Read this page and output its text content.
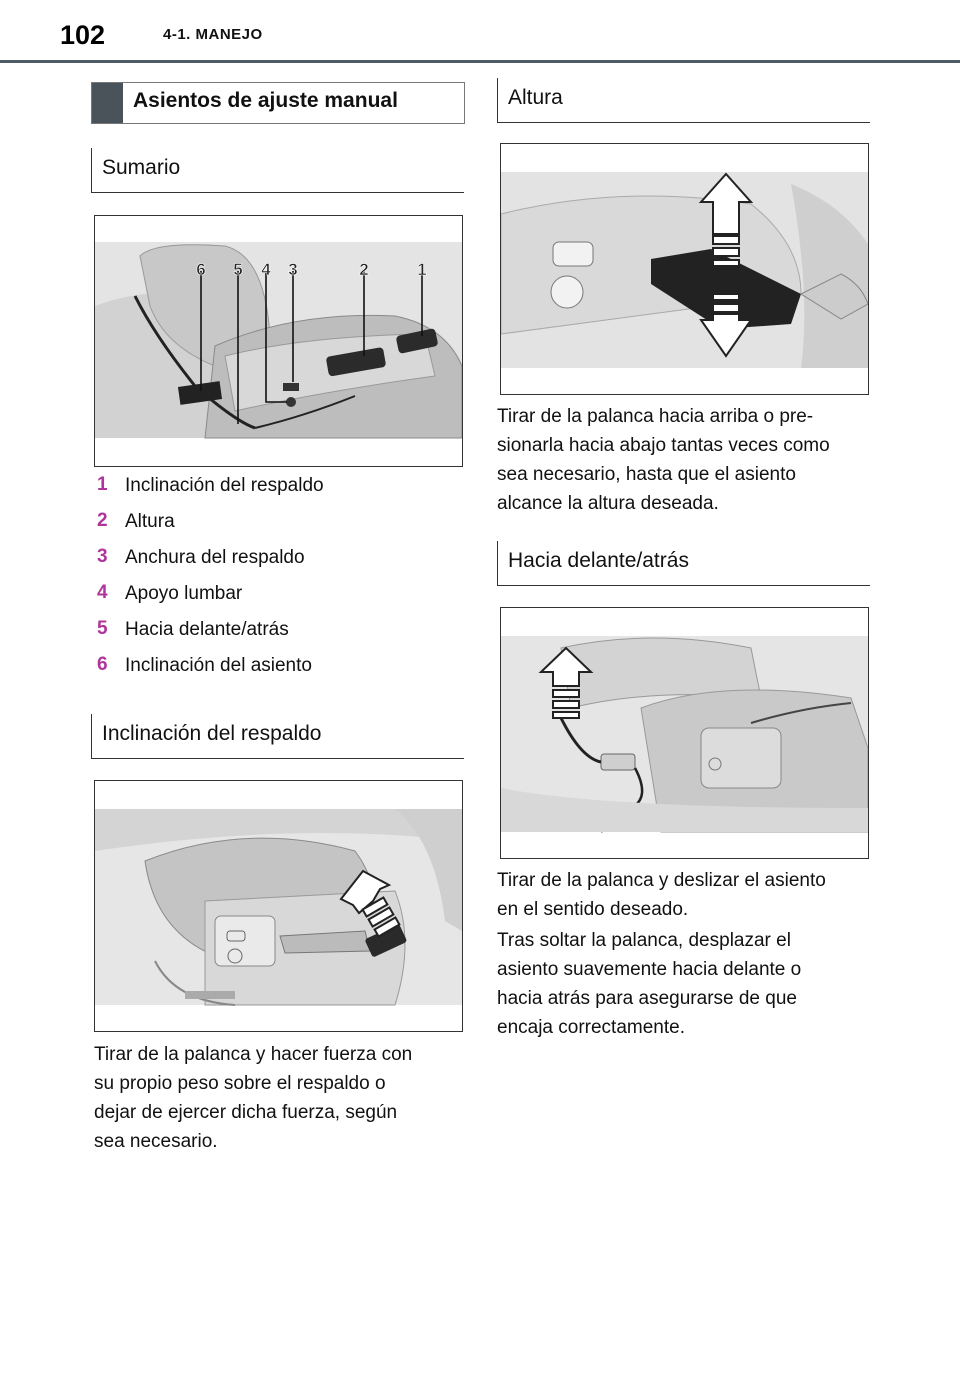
102	4-1. MANEJO
Asientos de ajuste manual
Sumario
6 5 4 3	2	1
1 Inclinación del respaldo
2 Altura
3 Anchura del respaldo
4 Apoyo lumbar
5 Hacia delante/atrás
6 Inclinación del asiento
Inclinación del respaldo
Tirar de la palanca y hacer fuerza con
su propio peso sobre el respaldo o
dejar de ejercer dicha fuerza, según
sea necesario.
Altura
Tirar de la palanca hacia arriba o pre-
sionarla hacia abajo tantas veces como
sea necesario, hasta que el asiento
alcance la altura deseada.
Hacia delante/atrás
Tirar de la palanca y deslizar el asiento
en el sentido deseado.
Tras soltar la palanca, desplazar el
asiento suavemente hacia delante o
hacia atrás para asegurarse de que
encaja correctamente.
